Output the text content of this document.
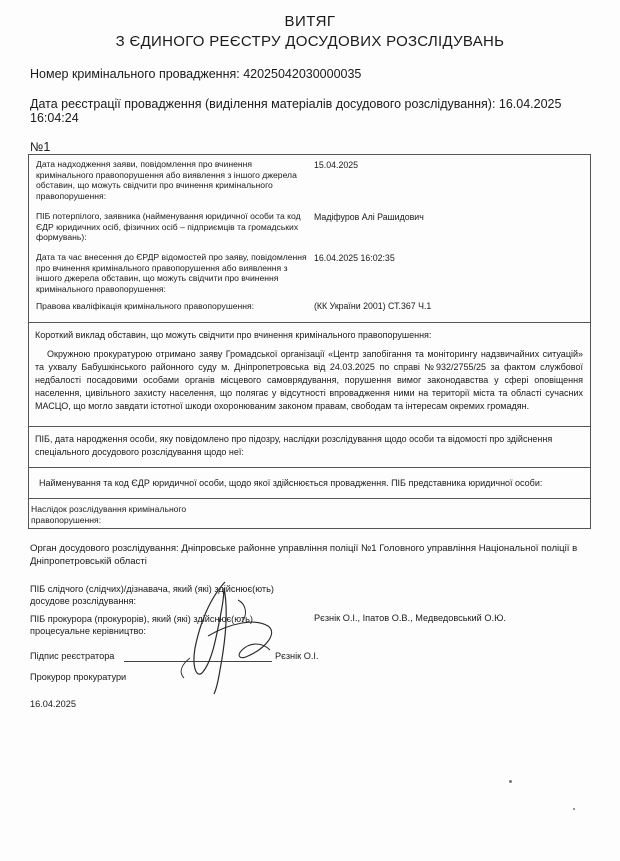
ВИТЯГ
З ЄДИНОГО РЕЄСТРУ ДОСУДОВИХ РОЗСЛІДУВАНЬ
Номер кримінального провадження: 42025042030000035
Дата реєстрації провадження (виділення матеріалів досудового розслідування): 16.04.2025 16:04:24
№1
Дата надходження заяви, повідомлення про вчинення кримінального правопорушення або виявлення з іншого джерела обставин, що можуть свідчити про вчинення кримінального правопорушення:
15.04.2025
ПІБ потерпілого, заявника (найменування юридичної особи та код ЄДР юридичних осіб, фізичних осіб – підприємців та громадських формувань):
Мадіфуров Алі Рашидович
Дата та час внесення до ЄРДР відомостей про заяву, повідомлення про вчинення кримінального правопорушення або виявлення з іншого джерела обставин, що можуть свідчити про вчинення кримінального правопорушення:
16.04.2025 16:02:35
Правова кваліфікація кримінального правопорушення:	(КК України 2001) СТ.367 Ч.1
Короткий виклад обставин, що можуть свідчити про вчинення кримінального правопорушення:
Окружною прокуратурою отримано заяву Громадської організації «Центр запобігання та моніторингу надзвичайних ситуацій» та ухвалу Бабушкінського районного суду м. Дніпропетровська від 24.03.2025 по справі №932/2755/25 за фактом службової недбалості посадовими особами органів місцевого самоврядування, порушення вимог законодавства у сфері оповіщення населення, цивільного захисту населення, що полягає у відсутності впровадження ними на території міста та області сучасних МАСЦО, що могло завдати істотної шкоди охоронюваним законом правам, свободам та інтересам окремих громадян.
ПІБ, дата народження особи, яку повідомлено про підозру, наслідки розслідування щодо особи та відомості про здійснення спеціального досудового розслідування щодо неї:
Найменування та код ЄДР юридичної особи, щодо якої здійснюється провадження. ПІБ представника юридичної особи:
Наслідок розслідування кримінального правопорушення:
Орган досудового розслідування: Дніпровське районне управління поліції №1 Головного управління Національної поліції в Дніпропетровській області
ПІБ слідчого (слідчих)/дізнавача, який (які) здійснює(ють) досудове розслідування:
ПІБ прокурора (прокурорів), який (які) здійснює(ють) процесуальне керівництво:
Рєзнік О.І., Іпатов О.В., Медведовський О.Ю.
Підпис реєстратора	Рєзнік О.І.
Прокурор прокуратури
16.04.2025
